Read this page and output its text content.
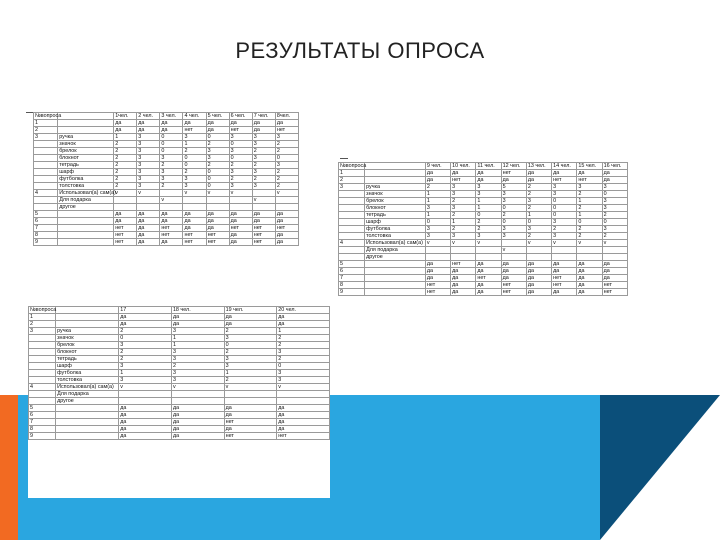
РЕЗУЛЬТАТЫ ОПРОСА
№вопроса		1чел.	2 чел.	3 чел.	4 чел.	5 чел.	6 чел.	7 чел.	8чел.
1		да	да	да	да	да	да	да	да
2		да	да	да	нет	да	нет	да	нет
3	ручка	1	3	0	3	0	3	3	3
	значок	2	3	0	1	2	0	3	2
	брелок	2	3	0	2	3	3	2	2
	блокнот	2	3	3	0	3	0	3	0
	тетрадь	2	3	2	0	2	2	2	3
	шарф	2	3	3	2	0	3	3	2
	футболка	2	3	3	3	0	2	2	2
	толстовка	2	3	2	3	0	3	3	2
4	Использовал(а) сам(а)	v	v		v	v	v		v
	Для подарка			v				v	
	другое								
5		да	да	да	да	да	да	да	да
6		да	да	да	да	да	да	да	да
7		нет	да	нет	да	да	нет	нет	нет
8		нет	да	нет	нет	нет	да	нет	да
9		нет	да	да	нет	нет	да	нет	да
№вопроса		9 чел.	10 чел.	11 чел.	12 чел.	13 чел.	14 чел.	15 чел.	16 чел.
1		да	да	да	нет	да	да	да	да
2		да	нет	да	да	да	нет	нет	да
3	ручка	2	3	3	5	2	3	3	3
	значок	1	3	3	3	2	3	2	0
	брелок	1	2	1	3	3	0	1	3
	блокнот	3	3	1	0	2	0	2	3
	тетрадь	1	2	0	2	1	0	1	2
	шарф	0	1	2	0	0	3	0	0
	футболка	3	2	2	3	3	2	2	3
	толстовка	3	3	3	3	2	3	2	2
4	Использовал(а) сам(а)	v	v	v		v	v	v	v
	Для подарка				v				
	другое								
5		да	нет	да	да	да	да	да	да
6		да	да	да	да	да	да	да	да
7		да	да	нет	да	да	нет	да	да
8		нет	да	да	нет	да	нет	да	нет
9		нет	да	да	нет	да	да	да	нет
№вопроса		17	18 чел.	19 чел.	20 чел.
1		да	да	да	да
2		да	да	да	да
3	ручка	2	3	2	1
	значок	0	1	3	2
	брелок	3	1	0	2
	блокнот	2	3	2	3
	тетрадь	2	3	3	2
	шарф	3	2	3	0
	футболка	1	3	1	3
	толстовка	3	3	2	3
4	Использовал(а) сам(а)	v	v	v	v
	Для подарка				
	другое				
5		да	да	да	да
6		да	да	да	да
7		да	да	нет	да
8		да	да	да	да
9		да	да	нет	нет
